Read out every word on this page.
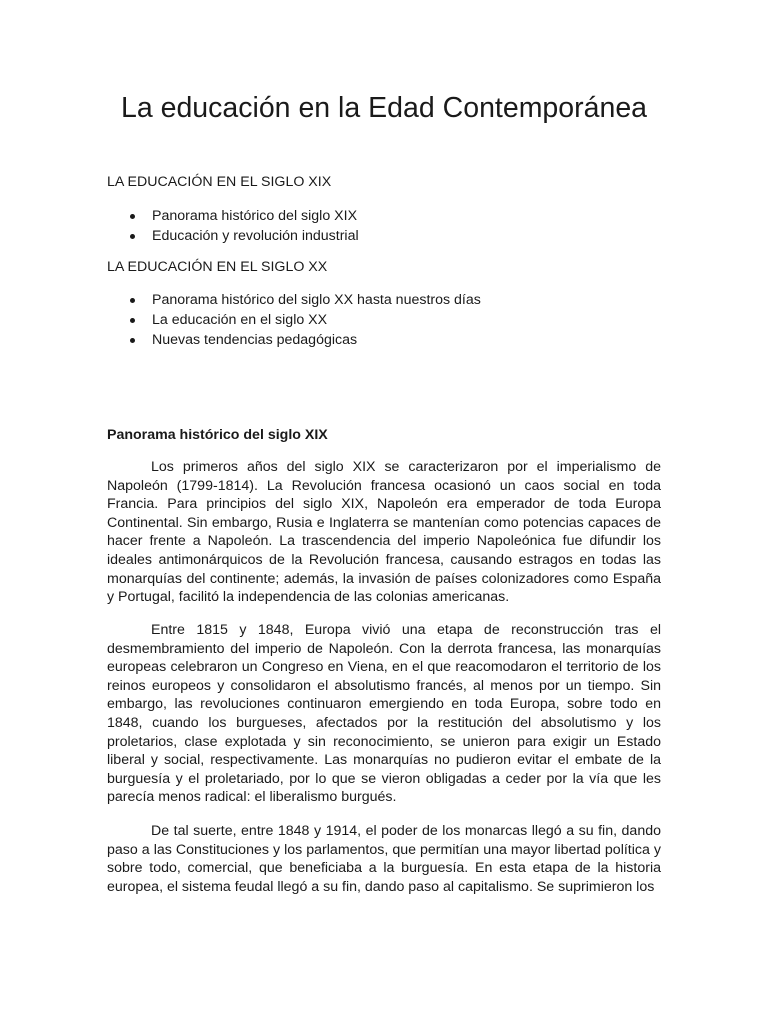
La educación en la Edad Contemporánea

LA EDUCACIÓN EN EL SIGLO XIX

Panorama histórico del siglo XIX
Educación y revolución industrial

LA EDUCACIÓN EN EL SIGLO XX

Panorama histórico del siglo XX hasta nuestros días
La educación en el siglo XX
Nuevas tendencias pedagógicas

Panorama histórico del siglo XIX

Los primeros años del siglo XIX se caracterizaron por el imperialismo de Napoleón (1799-1814). La Revolución francesa ocasionó un caos social en toda Francia. Para principios del siglo XIX, Napoleón era emperador de toda Europa Continental. Sin embargo, Rusia e Inglaterra se mantenían como potencias capaces de hacer frente a Napoleón. La trascendencia del imperio Napoleónica fue difundir los ideales antimonárquicos de la Revolución francesa, causando estragos en todas las monarquías del continente; además, la invasión de países colonizadores como España y Portugal, facilitó la independencia de las colonias americanas.

Entre 1815 y 1848, Europa vivió una etapa de reconstrucción tras el desmembramiento del imperio de Napoleón. Con la derrota francesa, las monarquías europeas celebraron un Congreso en Viena, en el que reacomodaron el territorio de los reinos europeos y consolidaron el absolutismo francés, al menos por un tiempo. Sin embargo, las revoluciones continuaron emergiendo en toda Europa, sobre todo en 1848, cuando los burgueses, afectados por la restitución del absolutismo y los proletarios, clase explotada y sin reconocimiento, se unieron para exigir un Estado liberal y social, respectivamente. Las monarquías no pudieron evitar el embate de la burguesía y el proletariado, por lo que se vieron obligadas a ceder por la vía que les parecía menos radical: el liberalismo burgués.

De tal suerte, entre 1848 y 1914, el poder de los monarcas llegó a su fin, dando paso a las Constituciones y los parlamentos, que permitían una mayor libertad política y sobre todo, comercial, que beneficiaba a la burguesía. En esta etapa de la historia europea, el sistema feudal llegó a su fin, dando paso al capitalismo. Se suprimieron los
